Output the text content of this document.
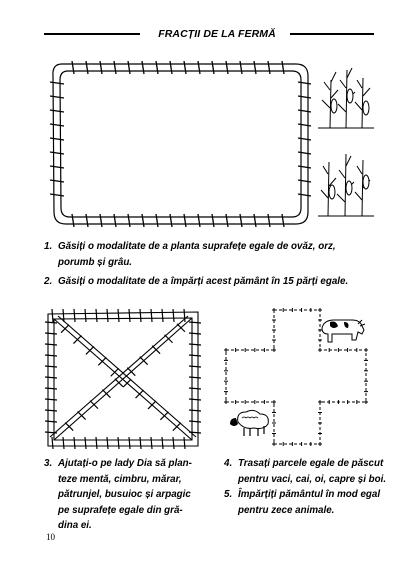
FRACȚII DE LA FERMĂ
1. Găsiți o modalitate de a planta suprafețe egale de ovăz, orz,
porumb și grâu.
2. Găsiți o modalitate de a împărți acest pământ în 15 părți egale.
3. Ajutați-o pe lady Dia să plan-
teze mentă, cimbru, mărar,
pătrunjel, busuioc și arpagic
pe suprafețe egale din gră-
dina ei.
4. Trasați parcele egale de păscut
pentru vaci, cai, oi, capre și boi.
5. Împărțiți pământul în mod egal
pentru zece animale.
10
